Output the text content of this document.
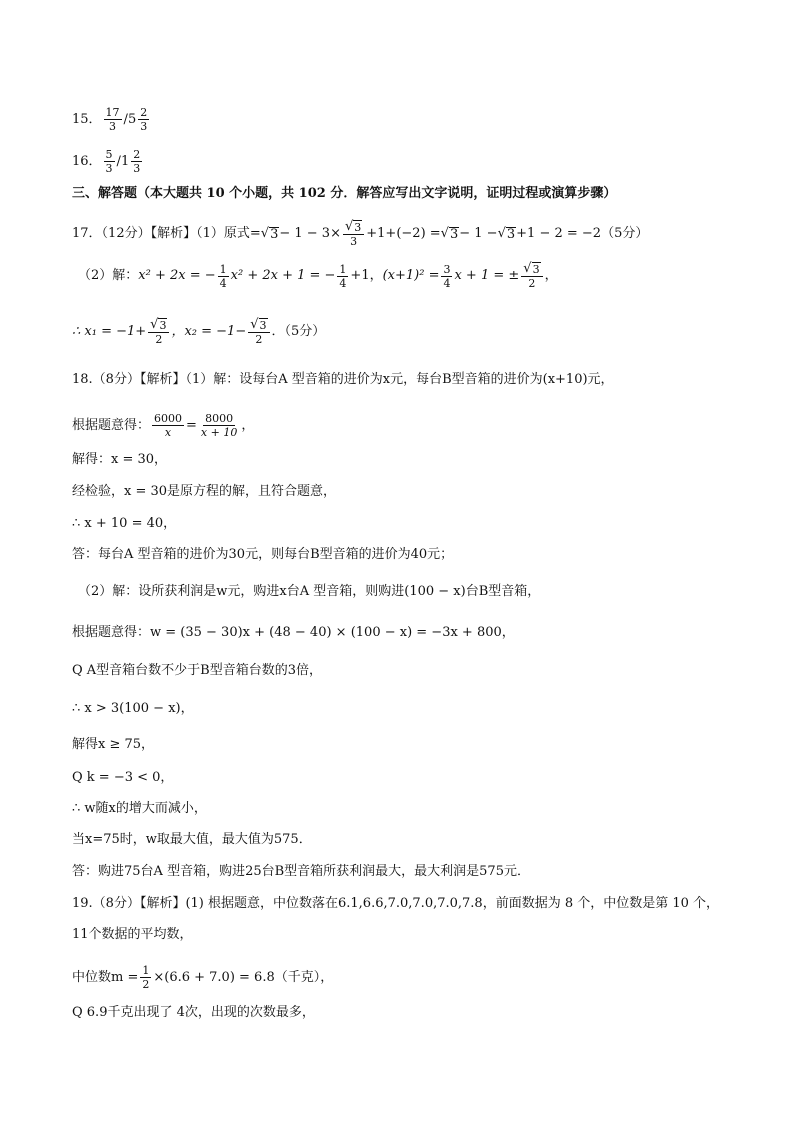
15． $\frac{17}{3} / 5 \frac{2}{3}$
16． $\frac{5}{3} / 1 \frac{2}{3}$
三、解答题（本大题共 10 个小题，共 102 分．解答应写出文字说明，证明过程或演算步骤）
17．（12分）【解析】（1）原式 = √ $3 - 1 - 3\times \frac{√ 3}{3} +1+ (-2)$ = √ 3 − 1 − √ 3 +1 − 2 = −2（5分）
（2）解： x² + 2x = − $\frac{1}{4} x^2 + 2x + 1$ = − $\frac{1}{4} +1$， $(x+1)^2 = \frac{3}{4}$ x + 1 = ± $\frac{√ 3}{2}$ ，
∴ $x_1 = -1+ \frac{√ 3}{2}$ ，$x_2 = -1- \frac{√ 3}{2}$ ．（5分）
18.（8分）【解析】（1）解：设每台A 型音箱的进价为x元，每台B型音箱的进价为(x+10)元，
根据题意得： $\frac{6000}{x} = \frac{8000}{x + 10}$ ，
解得：x = 30，
经检验，x = 30是原方程的解，且符合题意，
∴ x + 10 = 40，
答：每台A 型音箱的进价为30元，则每台B型音箱的进价为40元；
（2）解：设所获利润是w元，购进x台A 型音箱，则购进(100 − x)台B型音箱，
根据题意得：w = (35 − 30)x + (48 − 40) × (100 − x) = −3x + 800，
Q A型音箱台数不少于B型音箱台数的3倍，
∴ x > 3(100 − x)，
解得x ≥ 75，
Q k = −3 < 0，
∴ w随x的增大而减小，
当x=75时，w取最大值，最大值为575．
答：购进75台A 型音箱，购进25台B型音箱所获利润最大，最大利润是575元．
19.（8分）【解析】(1) 根据题意，中位数落在6.1,6.6,7.0,7.0,7.0,7.8，前面数据为 8 个，中位数是第 10 个，
11个数据的平均数，
中位数$m = \frac{1}{2} \times(6.6 + 7.0) = 6.8$（千克），
Q 6.9千克出现了 4次，出现的次数最多，
